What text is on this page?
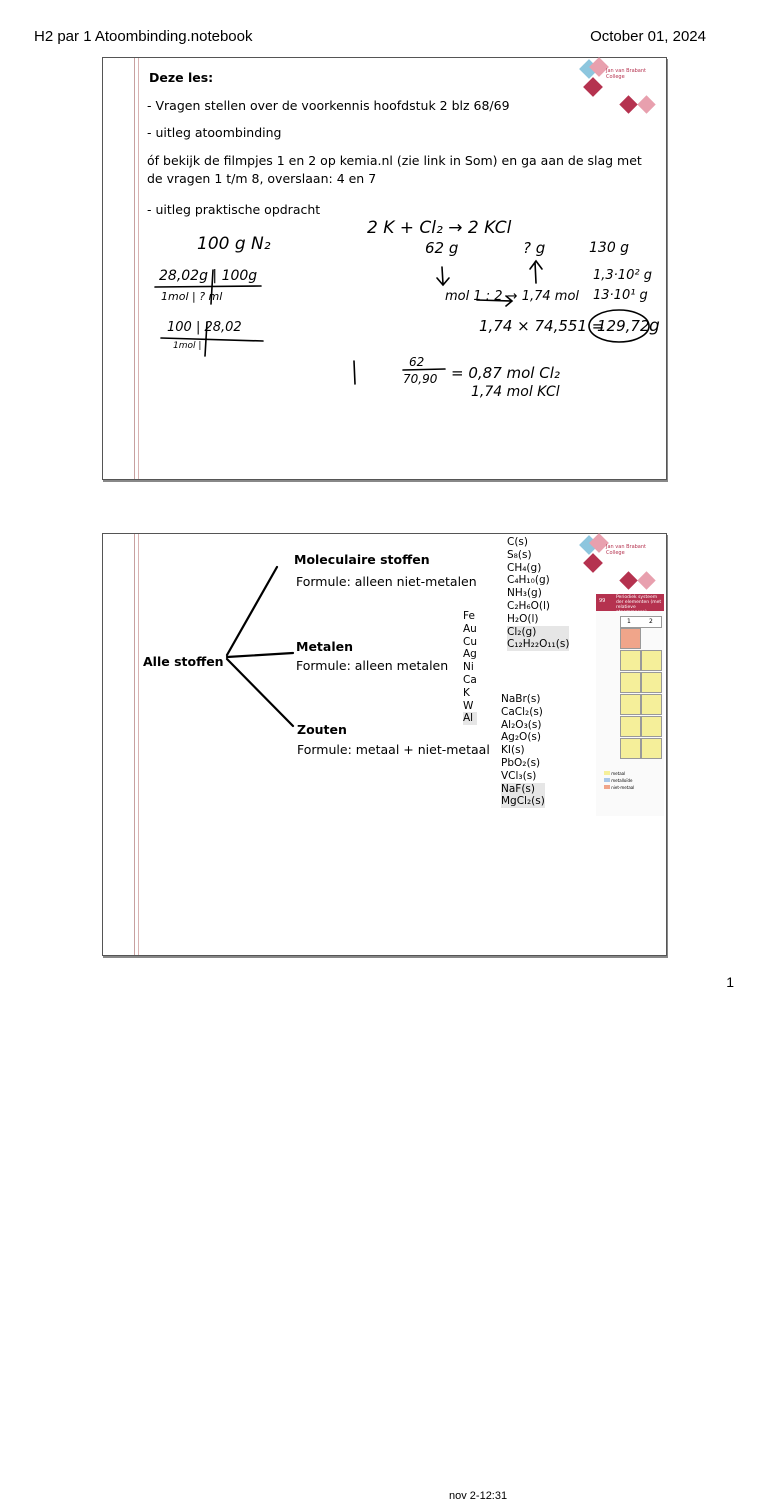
H2 par 1 Atoombinding.notebook	October 01, 2024
Jan van Brabant College
Deze les:
- Vragen stellen over de voorkennis hoofdstuk 2 blz 68/69
- uitleg atoombinding
óf bekijk de filmpjes 1 en 2 op kemia.nl (zie link in Som) en ga aan de slag met
de vragen 1 t/m 8, overslaan: 4 en 7
- uitleg praktische opdracht
100 g N₂
28,02g | 100g
1mol | ? ml
100 | 28,02
1mol |
2 K + Cl₂ → 2 KCl
62 g	? g
mol 1 : 2 → 1,74 mol
1,74 × 74,551 =
129,72 g
130 g
1,3·10² g
13·10¹ g
62
70,90 = 0,87 mol Cl₂
1,74 mol KCl
Jan van Brabant College
Alle stoffen
Moleculaire stoffen
Formule: alleen niet-metalen
Metalen
Formule: alleen metalen
Zouten
Formule: metaal + niet-metaal
C(s)
S₈(s)
CH₄(g)
C₄H₁₀(g)
NH₃(g)
C₂H₆O(l)
H₂O(l)
Cl₂(g)
C₁₂H₂₂O₁₁(s)
Fe
Au
Cu
Ag
Ni
Ca
K
W
Al
NaBr(s)
CaCl₂(s)
Al₂O₃(s)
Ag₂O(s)
KI(s)
PbO₂(s)
VCl₃(s)
NaF(s)
MgCl₂(s)
99
Periodiek systeem der elementen (met relatieve atoommassa)
1	2
metaal
metalloïde
niet-metaal
nov 2-12:31
1
